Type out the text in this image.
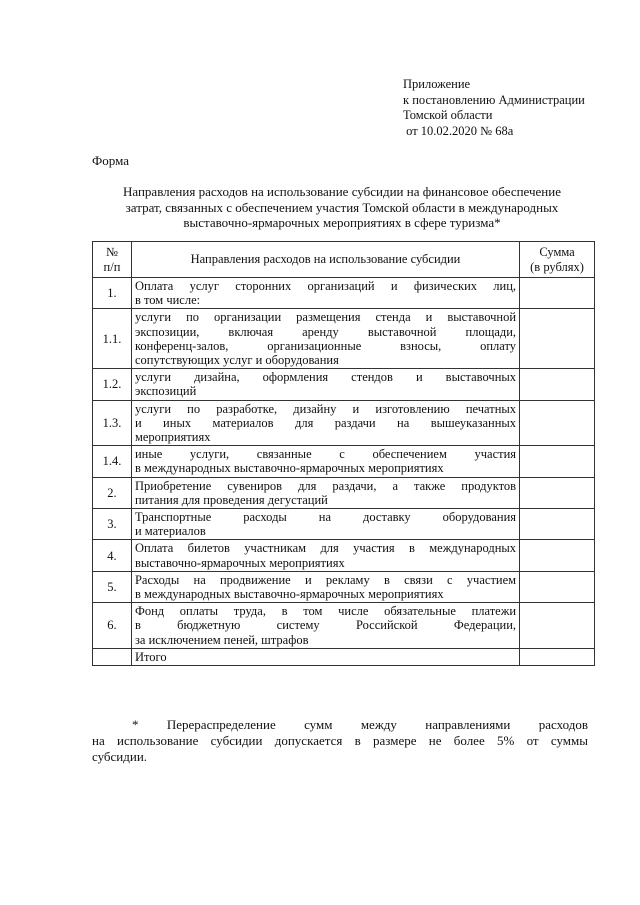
Приложение
к постановлению Администрации
Томской области
от 10.02.2020 № 68а
Форма
Направления расходов на использование субсидии на финансовое обеспечение
затрат, связанных с обеспечением участия Томской области в международных
выставочно-ярмарочных мероприятиях в сфере туризма*
№
п/п	Направления расходов на использование субсидии	Сумма
(в рублях)

1.	Оплата услуг сторонних организаций и физических лиц,
в том числе:	

1.1.	услуги по организации размещения стенда и выставочной
экспозиции, включая аренду выставочной площади,
конференц-залов, организационные взносы, оплату
сопутствующих услуг и оборудования	

1.2.	услуги дизайна, оформления стендов и выставочных
экспозиций	

1.3.	услуги по разработке, дизайну и изготовлению печатных
и иных материалов для раздачи на вышеуказанных
мероприятиях	

1.4.	иные услуги, связанные с обеспечением участия
в международных выставочно-ярмарочных мероприятиях	

2.	Приобретение сувениров для раздачи, а также продуктов
питания для проведения дегустаций	

3.	Транспортные расходы на доставку оборудования
и материалов	

4.	Оплата билетов участникам для участия в международных
выставочно-ярмарочных мероприятиях	

5.	Расходы на продвижение и рекламу в связи с участием
в международных выставочно-ярмарочных мероприятиях	

6.	Фонд оплаты труда, в том числе обязательные платежи
в бюджетную систему Российской Федерации,
за исключением пеней, штрафов	

	Итого	

* Перераспределение сумм между направлениями расходов
на использование субсидии допускается в размере не более 5% от суммы
субсидии.
